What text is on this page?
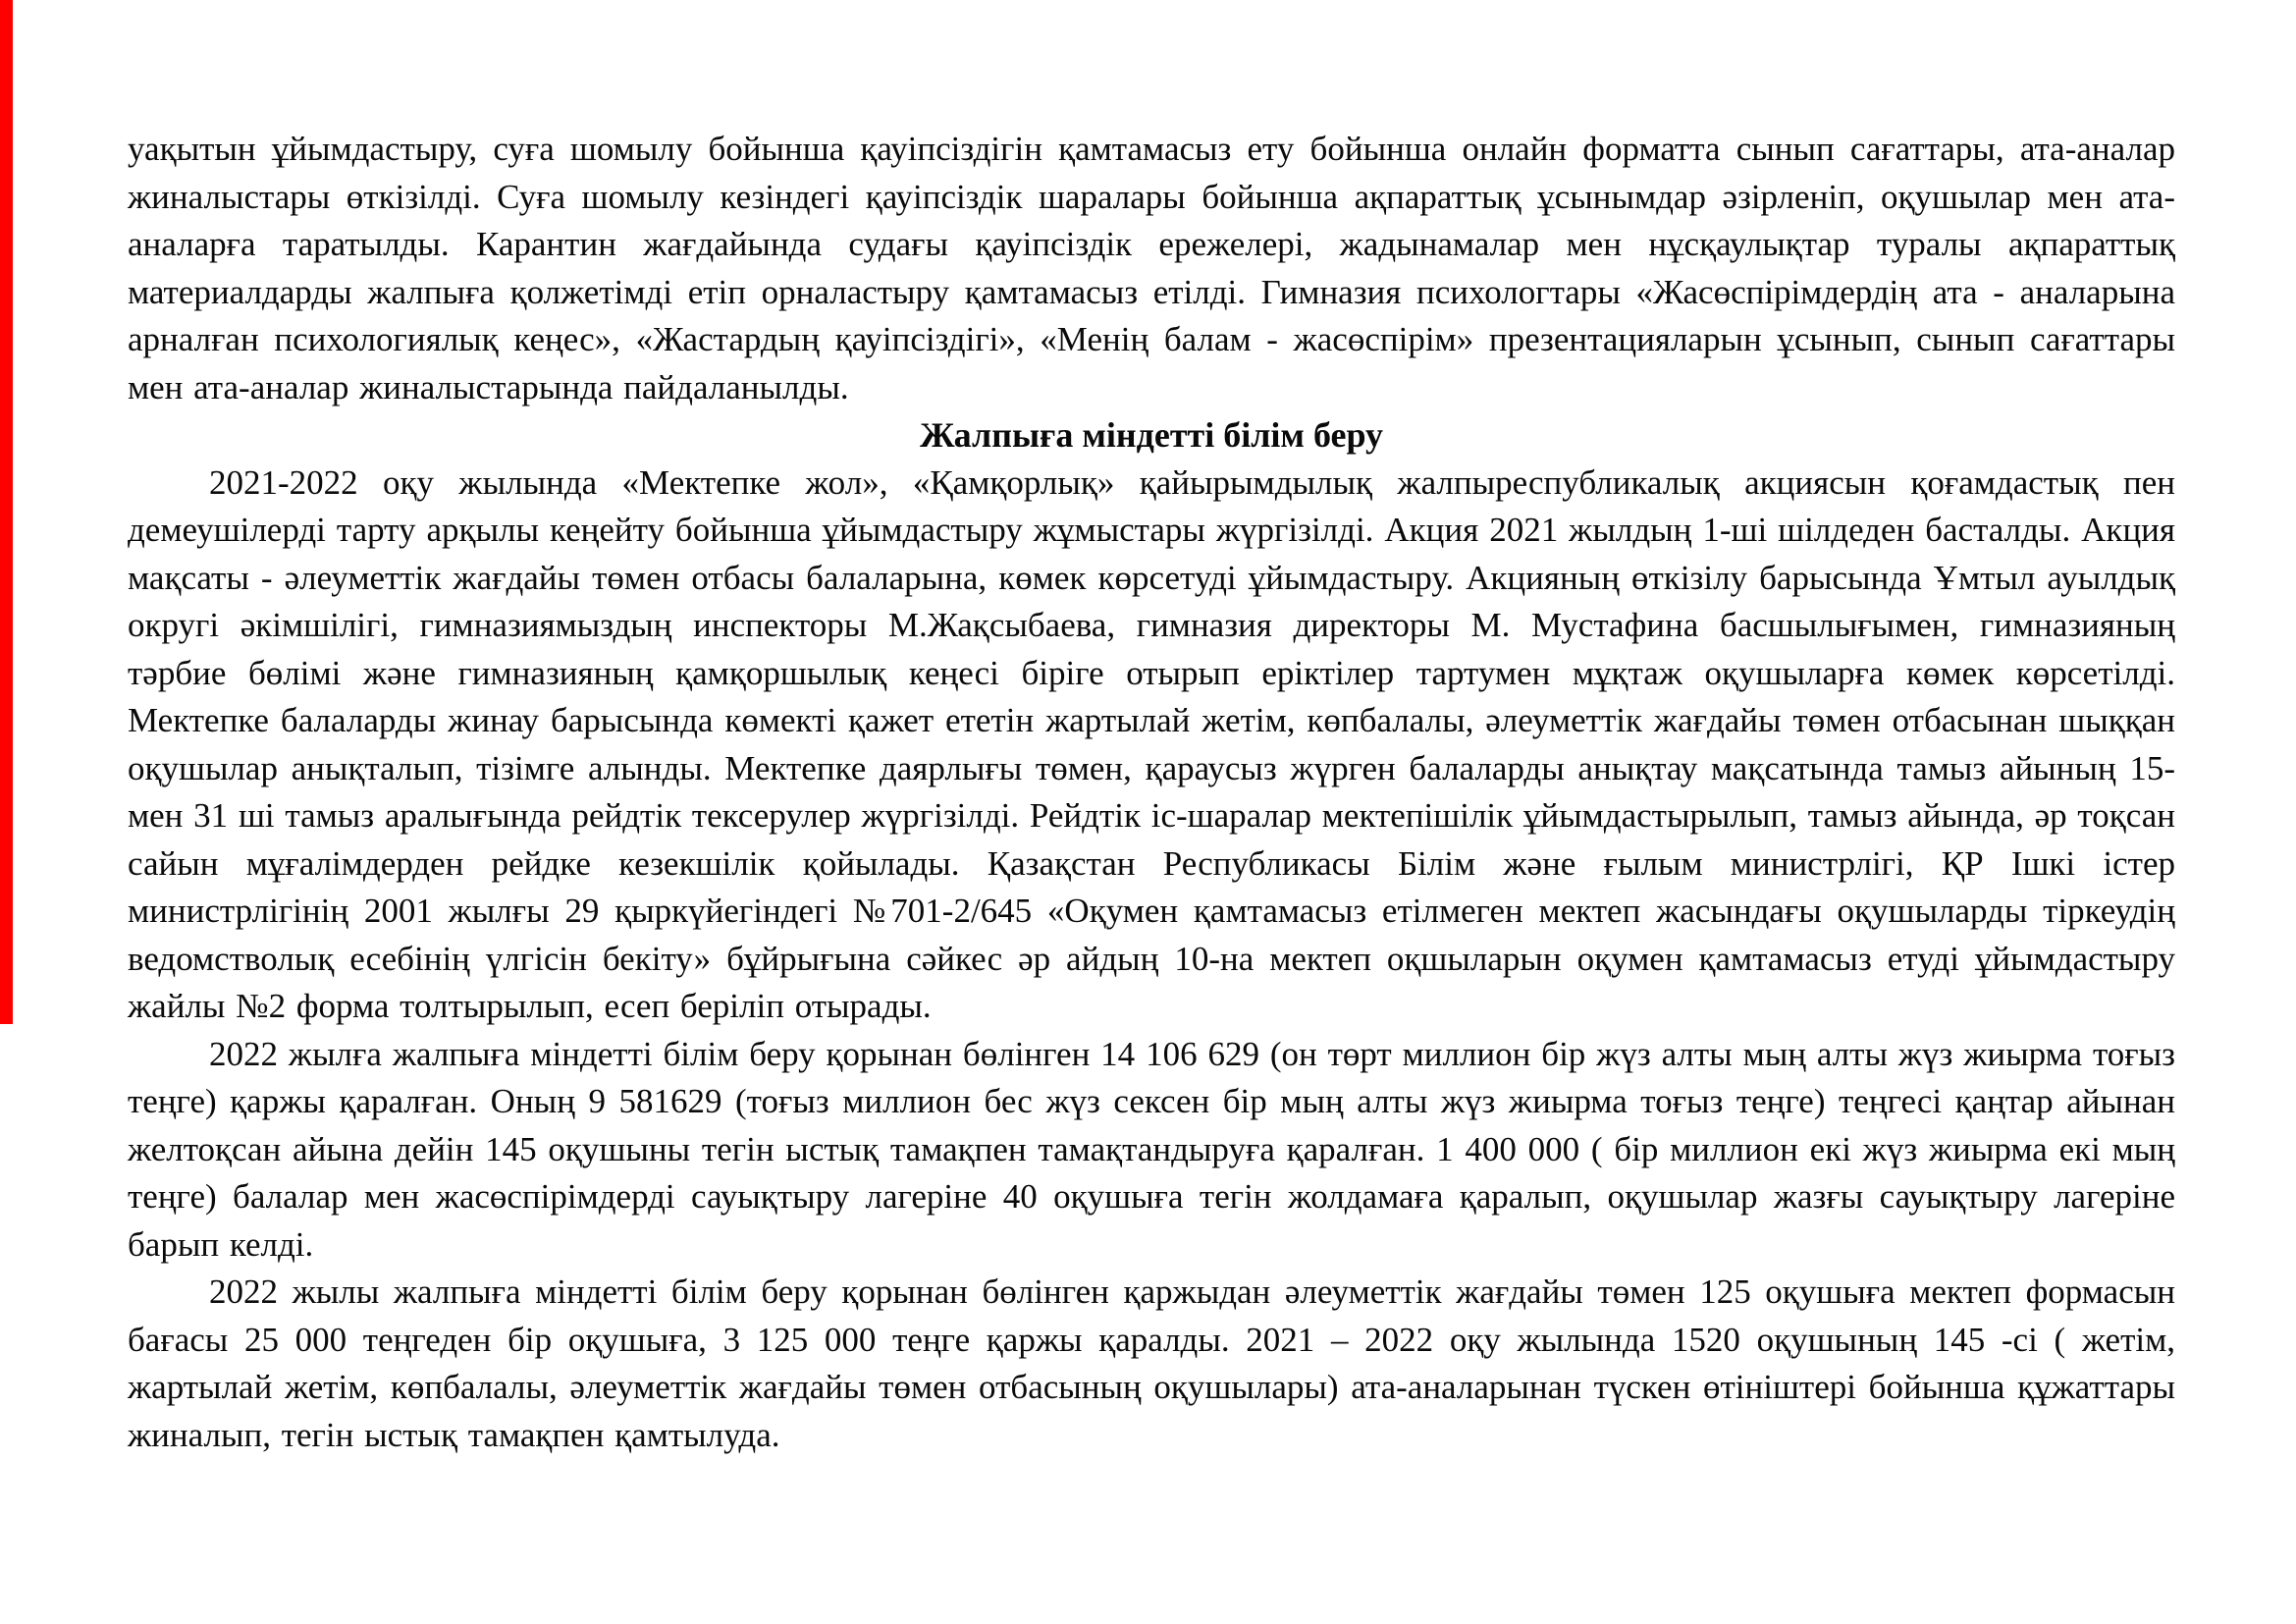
уақытын ұйымдастыру, суға шомылу бойынша қауіпсіздігін қамтамасыз ету бойынша онлайн форматта сынып сағаттары, ата-аналар жиналыстары өткізілді. Суға шомылу кезіндегі қауіпсіздік шаралары бойынша ақпараттық ұсынымдар әзірленіп, оқушылар мен ата-аналарға таратылды. Карантин жағдайында судағы қауіпсіздік ережелері, жадынамалар мен нұсқаулықтар туралы ақпараттық материалдарды жалпыға қолжетімді етіп орналастыру қамтамасыз етілді. Гимназия психологтары «Жасөспірімдердің ата - аналарына арналған психологиялық кеңес», «Жастардың қауіпсіздігі», «Менің балам - жасөспірім» презентацияларын ұсынып, сынып сағаттары мен ата-аналар жиналыстарында пайдаланылды.

Жалпыға міндетті білім беру

2021-2022 оқу жылында «Мектепке жол», «Қамқорлық» қайырымдылық жалпыреспубликалық акциясын қоғамдастық пен демеушілерді тарту арқылы кеңейту бойынша ұйымдастыру жұмыстары жүргізілді. Акция 2021 жылдың 1-ші шілдеден басталды. Акция мақсаты - әлеуметтік жағдайы төмен отбасы балаларына, көмек көрсетуді ұйымдастыру. Акцияның өткізілу барысында Ұмтыл ауылдық округі әкімшілігі, гимназиямыздың инспекторы М.Жақсыбаева, гимназия директоры М. Мустафина басшылығымен, гимназияның тәрбие бөлімі және гимназияның қамқоршылық кеңесі біріге отырып еріктілер тартумен мұқтаж оқушыларға көмек көрсетілді. Мектепке балаларды жинау барысында көмекті қажет ететін жартылай жетім, көпбалалы, әлеуметтік жағдайы төмен отбасынан шыққан оқушылар анықталып, тізімге алынды. Мектепке даярлығы төмен, қараусыз жүрген балаларды анықтау мақсатында тамыз айының 15-мен 31 ші тамыз аралығында рейдтік тексерулер жүргізілді. Рейдтік іс-шаралар мектепішілік ұйымдастырылып, тамыз айында, әр тоқсан сайын мұғалімдерден рейдке кезекшілік қойылады. Қазақстан Республикасы Білім және ғылым министрлігі, ҚР Ішкі істер министрлігінің 2001 жылғы 29 қыркүйегіндегі №701-2/645 «Оқумен қамтамасыз етілмеген мектеп жасындағы оқушыларды тіркеудің ведомстволық есебінің үлгісін бекіту» бұйрығына сәйкес әр айдың 10-на мектеп оқшыларын оқумен қамтамасыз етуді ұйымдастыру жайлы №2 форма толтырылып, есеп беріліп отырады.

2022 жылға жалпыға міндетті білім беру қорынан бөлінген 14 106 629 (он төрт миллион бір жүз алты мың алты жүз жиырма тоғыз теңге) қаржы қаралған. Оның 9 581629 (тоғыз миллион бес жүз сексен бір мың алты жүз жиырма тоғыз теңге) теңгесі қаңтар айынан желтоқсан айына дейін 145 оқушыны тегін ыстық тамақпен тамақтандыруға қаралған. 1 400 000 ( бір миллион екі жүз жиырма екі мың теңге) балалар мен жасөспірімдерді сауықтыру лагеріне 40 оқушыға тегін жолдамаға қаралып, оқушылар жазғы сауықтыру лагеріне барып келді.

2022 жылы жалпыға міндетті білім беру қорынан бөлінген қаржыдан әлеуметтік жағдайы төмен 125 оқушыға мектеп формасын бағасы 25 000 теңгеден бір оқушыға, 3 125 000 теңге қаржы қаралды. 2021 – 2022 оқу жылында 1520 оқушының 145 -сі ( жетім, жартылай жетім, көпбалалы, әлеуметтік жағдайы төмен отбасының оқушылары) ата-аналарынан түскен өтініштері бойынша құжаттары жиналып, тегін ыстық тамақпен қамтылуда.
